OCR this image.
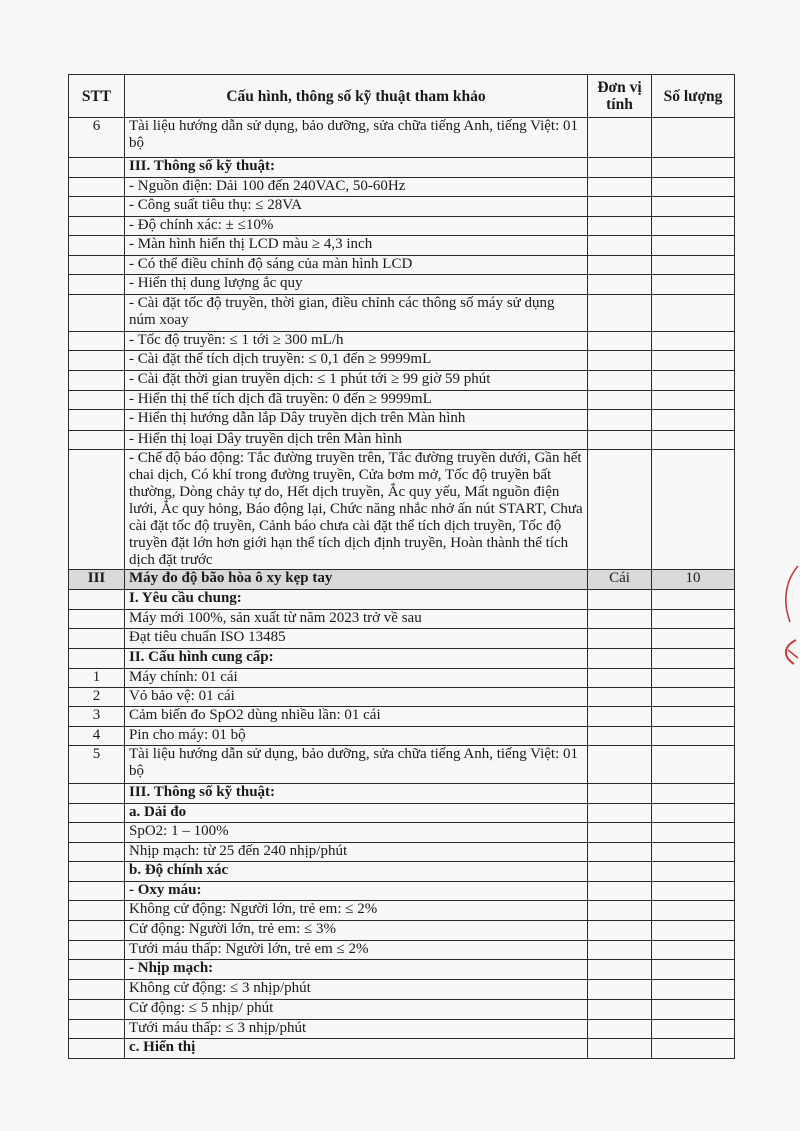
STT	Cấu hình, thông số kỹ thuật tham khảo	Đơn vị tính	Số lượng
6	Tài liệu hướng dẫn sử dụng, bảo dưỡng, sửa chữa tiếng Anh, tiếng Việt: 01 bộ		
	III. Thông số kỹ thuật:		
	- Nguồn điện: Dải 100 đến 240VAC, 50-60Hz		
	- Công suất tiêu thụ: ≤ 28VA		
	- Độ chính xác: ± ≤10%		
	- Màn hình hiển thị LCD màu ≥ 4,3 inch		
	- Có thể điều chỉnh độ sáng của màn hình LCD		
	- Hiển thị dung lượng ắc quy		
	- Cài đặt tốc độ truyền, thời gian, điều chỉnh các thông số máy sử dụng núm xoay		
	- Tốc độ truyền: ≤ 1 tới ≥ 300 mL/h		
	- Cài đặt thể tích dịch truyền: ≤ 0,1 đến ≥ 9999mL		
	- Cài đặt thời gian truyền dịch: ≤ 1 phút tới ≥ 99 giờ 59 phút		
	- Hiển thị thể tích dịch đã truyền: 0 đến ≥ 9999mL		
	- Hiển thị hướng dẫn lắp Dây truyền dịch trên Màn hình		
	- Hiển thị loại Dây truyền dịch trên Màn hình		
	- Chế độ báo động: Tắc đường truyền trên, Tắc đường truyền dưới, Gần hết chai dịch, Có khí trong đường truyền, Cửa bơm mở, Tốc độ truyền bất thường, Dòng chảy tự do, Hết dịch truyền, Ắc quy yếu, Mất nguồn điện lưới, Ắc quy hỏng, Báo động lại, Chức năng nhắc nhở ấn nút START, Chưa cài đặt tốc độ truyền, Cảnh báo chưa cài đặt thể tích dịch truyền, Tốc độ truyền đặt lớn hơn giới hạn thể tích dịch định truyền, Hoàn thành thể tích dịch đặt trước		
III	Máy đo độ bão hòa ô xy kẹp tay	Cái	10
	I. Yêu cầu chung:		
	Máy mới 100%, sản xuất từ năm 2023 trở về sau		
	Đạt tiêu chuẩn ISO 13485		
	II. Cấu hình cung cấp:		
1	Máy chính: 01 cái		
2	Vỏ bảo vệ: 01 cái		
3	Cảm biến đo SpO2 dùng nhiều lần: 01 cái		
4	Pin cho máy: 01 bộ		
5	Tài liệu hướng dẫn sử dụng, bảo dưỡng, sửa chữa tiếng Anh, tiếng Việt: 01 bộ		
	III. Thông số kỹ thuật:		
	a. Dải đo		
	SpO2: 1 – 100%		
	Nhịp mạch: từ 25 đến 240 nhịp/phút		
	b. Độ chính xác		
	- Oxy máu:		
	Không cử động: Người lớn, trẻ em: ≤ 2%		
	Cử động: Người lớn, trẻ em: ≤ 3%		
	Tưới máu thấp: Người lớn, trẻ em ≤ 2%		
	- Nhịp mạch:		
	Không cử động: ≤ 3 nhịp/phút		
	Cử động: ≤ 5 nhịp/ phút		
	Tưới máu thấp: ≤ 3 nhịp/phút		
	c. Hiển thị		
